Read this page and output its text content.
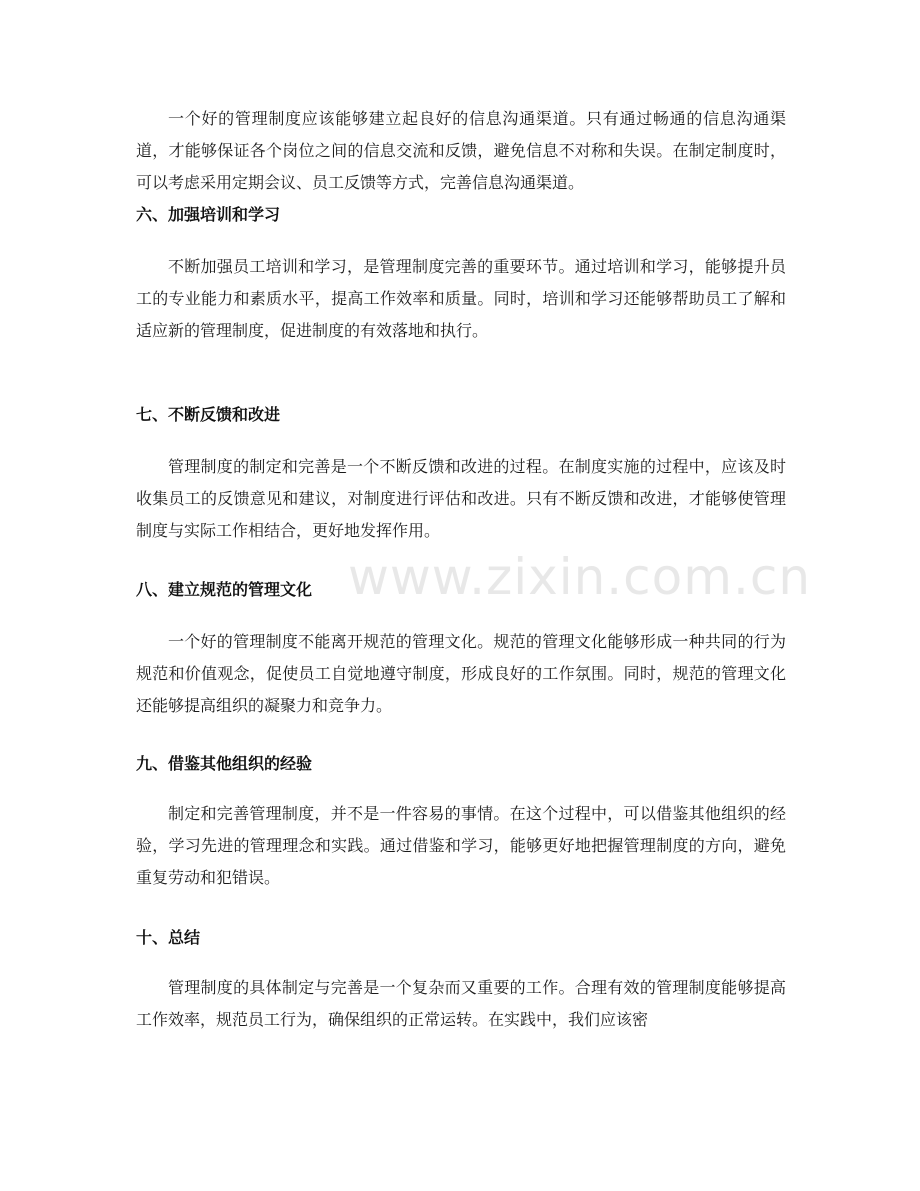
一个好的管理制度应该能够建立起良好的信息沟通渠道。只有通过畅通的信息沟通渠道，才能够保证各个岗位之间的信息交流和反馈，避免信息不对称和失误。在制定制度时，可以考虑采用定期会议、员工反馈等方式，完善信息沟通渠道。

六、加强培训和学习

不断加强员工培训和学习，是管理制度完善的重要环节。通过培训和学习，能够提升员工的专业能力和素质水平，提高工作效率和质量。同时，培训和学习还能够帮助员工了解和适应新的管理制度，促进制度的有效落地和执行。

七、不断反馈和改进

管理制度的制定和完善是一个不断反馈和改进的过程。在制度实施的过程中，应该及时收集员工的反馈意见和建议，对制度进行评估和改进。只有不断反馈和改进，才能够使管理制度与实际工作相结合，更好地发挥作用。

八、建立规范的管理文化

一个好的管理制度不能离开规范的管理文化。规范的管理文化能够形成一种共同的行为规范和价值观念，促使员工自觉地遵守制度，形成良好的工作氛围。同时，规范的管理文化还能够提高组织的凝聚力和竞争力。

九、借鉴其他组织的经验

制定和完善管理制度，并不是一件容易的事情。在这个过程中，可以借鉴其他组织的经验，学习先进的管理理念和实践。通过借鉴和学习，能够更好地把握管理制度的方向，避免重复劳动和犯错误。

十、总结

管理制度的具体制定与完善是一个复杂而又重要的工作。合理有效的管理制度能够提高工作效率，规范员工行为，确保组织的正常运转。在实践中，我们应该密

www.zixin.com.cn
